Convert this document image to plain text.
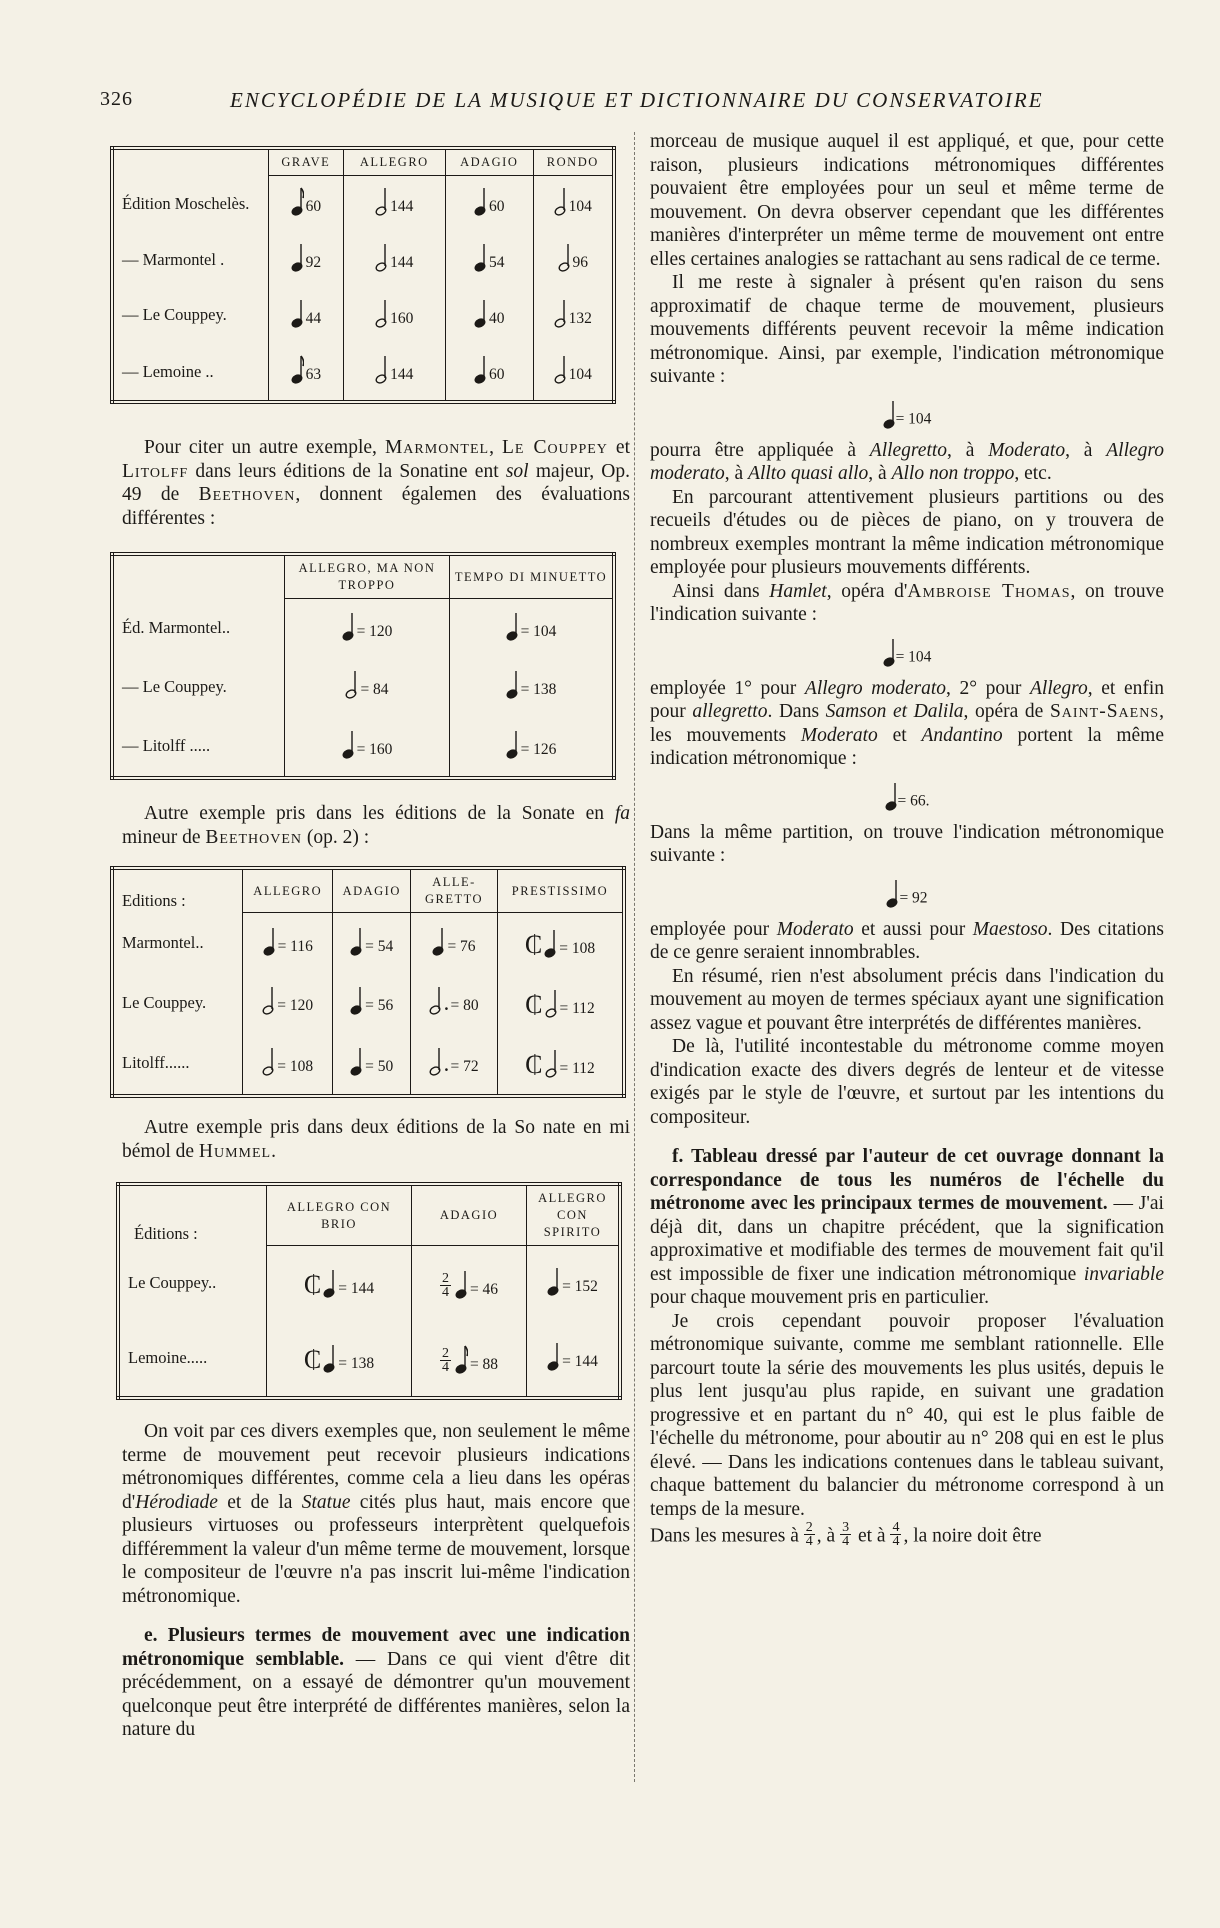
326	ENCYCLOPÉDIE DE LA MUSIQUE ET DICTIONNAIRE DU CONSERVATOIRE
	GRAVE	ALLEGRO	ADAGIO	RONDO
Édition Moschelès.	60	144	60	104

— Marmontel .	92	144	54	96

— Le Couppey.	44	160	40	132

— Lemoine ..	63	144	60	104

Pour citer un autre exemple, Marmontel, Le Couppey et Litolff dans leurs éditions de la Sonatine ent sol majeur, Op. 49 de Beethoven, donnent égalemen des évaluations différentes :

	ALLEGRO, MA NON TROPPO	TEMPO DI MINUETTO
Éd. Marmontel..	= 120	= 104

— Le Couppey.	= 84	= 138

— Litolff .....	= 160	= 126

Autre exemple pris dans les éditions de la Sonate en fa mineur de Beethoven (op. 2) :

Editions :	ALLEGRO	ADAGIO	ALLE-GRETTO	PRESTISSIMO
Marmontel..	= 116	= 54	= 76	₵ = 108

Le Couppey.	= 120	= 56	. = 80	₵ = 112

Litolff......	= 108	= 50	. = 72	₵ = 112

Autre exemple pris dans deux éditions de la So nate en mi bémol de Hummel.

Éditions :	ALLEGRO CON BRIO	ADAGIO	ALLEGRO CON SPIRITO
Le Couppey..	₵ = 144	$\frac{2}{4} = 46$	= 152

Lemoine.....	₵ = 138	$\frac{2}{4} = 88$	= 144

On voit par ces divers exemples que, non seulement le même terme de mouvement peut recevoir plusieurs indications métronomiques différentes, comme cela a lieu dans les opéras d'Hérodiade et de la Statue cités plus haut, mais encore que plusieurs virtuoses ou professeurs interprètent quelquefois différemment la valeur d'un même terme de mouvement, lorsque le compositeur de l'œuvre n'a pas inscrit lui-même l'indication métronomique.

e. Plusieurs termes de mouvement avec une indication métronomique semblable. — Dans ce qui vient d'être dit précédemment, on a essayé de démontrer qu'un mouvement quelconque peut être interprété de différentes manières, selon la nature du

morceau de musique auquel il est appliqué, et que, pour cette raison, plusieurs indications métronomiques différentes pouvaient être employées pour un seul et même terme de mouvement. On devra observer cependant que les différentes manières d'interpréter un même terme de mouvement ont entre elles certaines analogies se rattachant au sens radical de ce terme.

Il me reste à signaler à présent qu'en raison du sens approximatif de chaque terme de mouvement, plusieurs mouvements différents peuvent recevoir la même indication métronomique. Ainsi, par exemple, l'indication métronomique suivante :

= 104

pourra être appliquée à Allegretto, à Moderato, à Allegro moderato, à Allto quasi allo, à Allo non troppo, etc.

En parcourant attentivement plusieurs partitions ou des recueils d'études ou de pièces de piano, on y trouvera de nombreux exemples montrant la même indication métronomique employée pour plusieurs mouvements différents.

Ainsi dans Hamlet, opéra d'Ambroise Thomas, on trouve l'indication suivante :

= 104

employée 1° pour Allegro moderato, 2° pour Allegro, et enfin pour allegretto. Dans Samson et Dalila, opéra de Saint-Saens, les mouvements Moderato et Andantino portent la même indication métronomique :

= 66.

Dans la même partition, on trouve l'indication métronomique suivante :

= 92

employée pour Moderato et aussi pour Maestoso. Des citations de ce genre seraient innombrables.

En résumé, rien n'est absolument précis dans l'indication du mouvement au moyen de termes spéciaux ayant une signification assez vague et pouvant être interprétés de différentes manières.

De là, l'utilité incontestable du métronome comme moyen d'indication exacte des divers degrés de lenteur et de vitesse exigés par le style de l'œuvre, et surtout par les intentions du compositeur.

f. Tableau dressé par l'auteur de cet ouvrage donnant la correspondance de tous les numéros de l'échelle du métronome avec les principaux termes de mouvement. — J'ai déjà dit, dans un chapitre précédent, que la signification approximative et modifiable des termes de mouvement fait qu'il est impossible de fixer une indication métronomique invariable pour chaque mouvement pris en particulier.

Je crois cependant pouvoir proposer l'évaluation métronomique suivante, comme me semblant rationnelle. Elle parcourt toute la série des mouvements les plus usités, depuis le plus lent jusqu'au plus rapide, en suivant une gradation progressive et en partant du n° 40, qui est le plus faible de l'échelle du métronome, pour aboutir au n° 208 qui en est le plus élevé. — Dans les indications contenues dans le tableau suivant, chaque battement du balancier du métronome correspond à un temps de la mesure.

Dans les mesures à $\frac{2}{4}$ , à $\frac{3}{4}$ et à $\frac{4}{4}$ , la noire doit être
